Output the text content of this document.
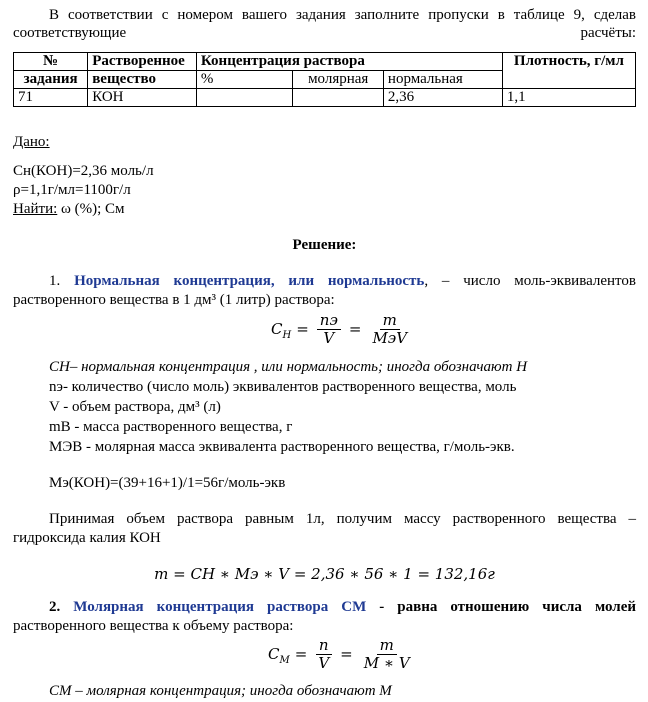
В соответствии с номером вашего задания заполните пропуски в таблице 9, сделав соответствующие расчёты:
№	Растворенное	Концентрация раствора			Плотность, г/мл
задания	вещество	%	молярная	нормальная	
71	КОН			2,36	1,1
Дано:
Cн(КОН)=2,36 моль/л
ρ=1,1г/мл=1100г/л
Найти: ω (%); Cм
Решение:
1. Нормальная концентрация, или нормальность, – число моль-эквивалентов
растворенного вещества в 1 дм³ (1 литр) раствора:
$C_H = \frac{nэ}{V} = \frac{m}{\text{MэV}}$
CH– нормальная концентрация , или нормальность; иногда обозначают H
nэ- количество (число моль) эквивалентов растворенного вещества, моль
V - объем раствора, дм³ (л)
mB - масса растворенного вещества, г
MЭВ - молярная масса эквивалента растворенного вещества, г/моль-экв.
Мэ(КОН)=(39+16+1)/1=56г/моль-экв
Принимая объем раствора равным 1л, получим массу растворенного вещества –
гидроксида калия КОН
m = CH ∗ Mэ ∗ V = 2,36 ∗ 56 ∗ 1 = 132,16г
2. Молярная концентрация раствора CM - равна отношению числа молей
растворенного вещества к объему раствора:
$C_M = \frac{n}{V} = \frac{m}{M ∗ V}$
CM – молярная концентрация; иногда обозначают M
